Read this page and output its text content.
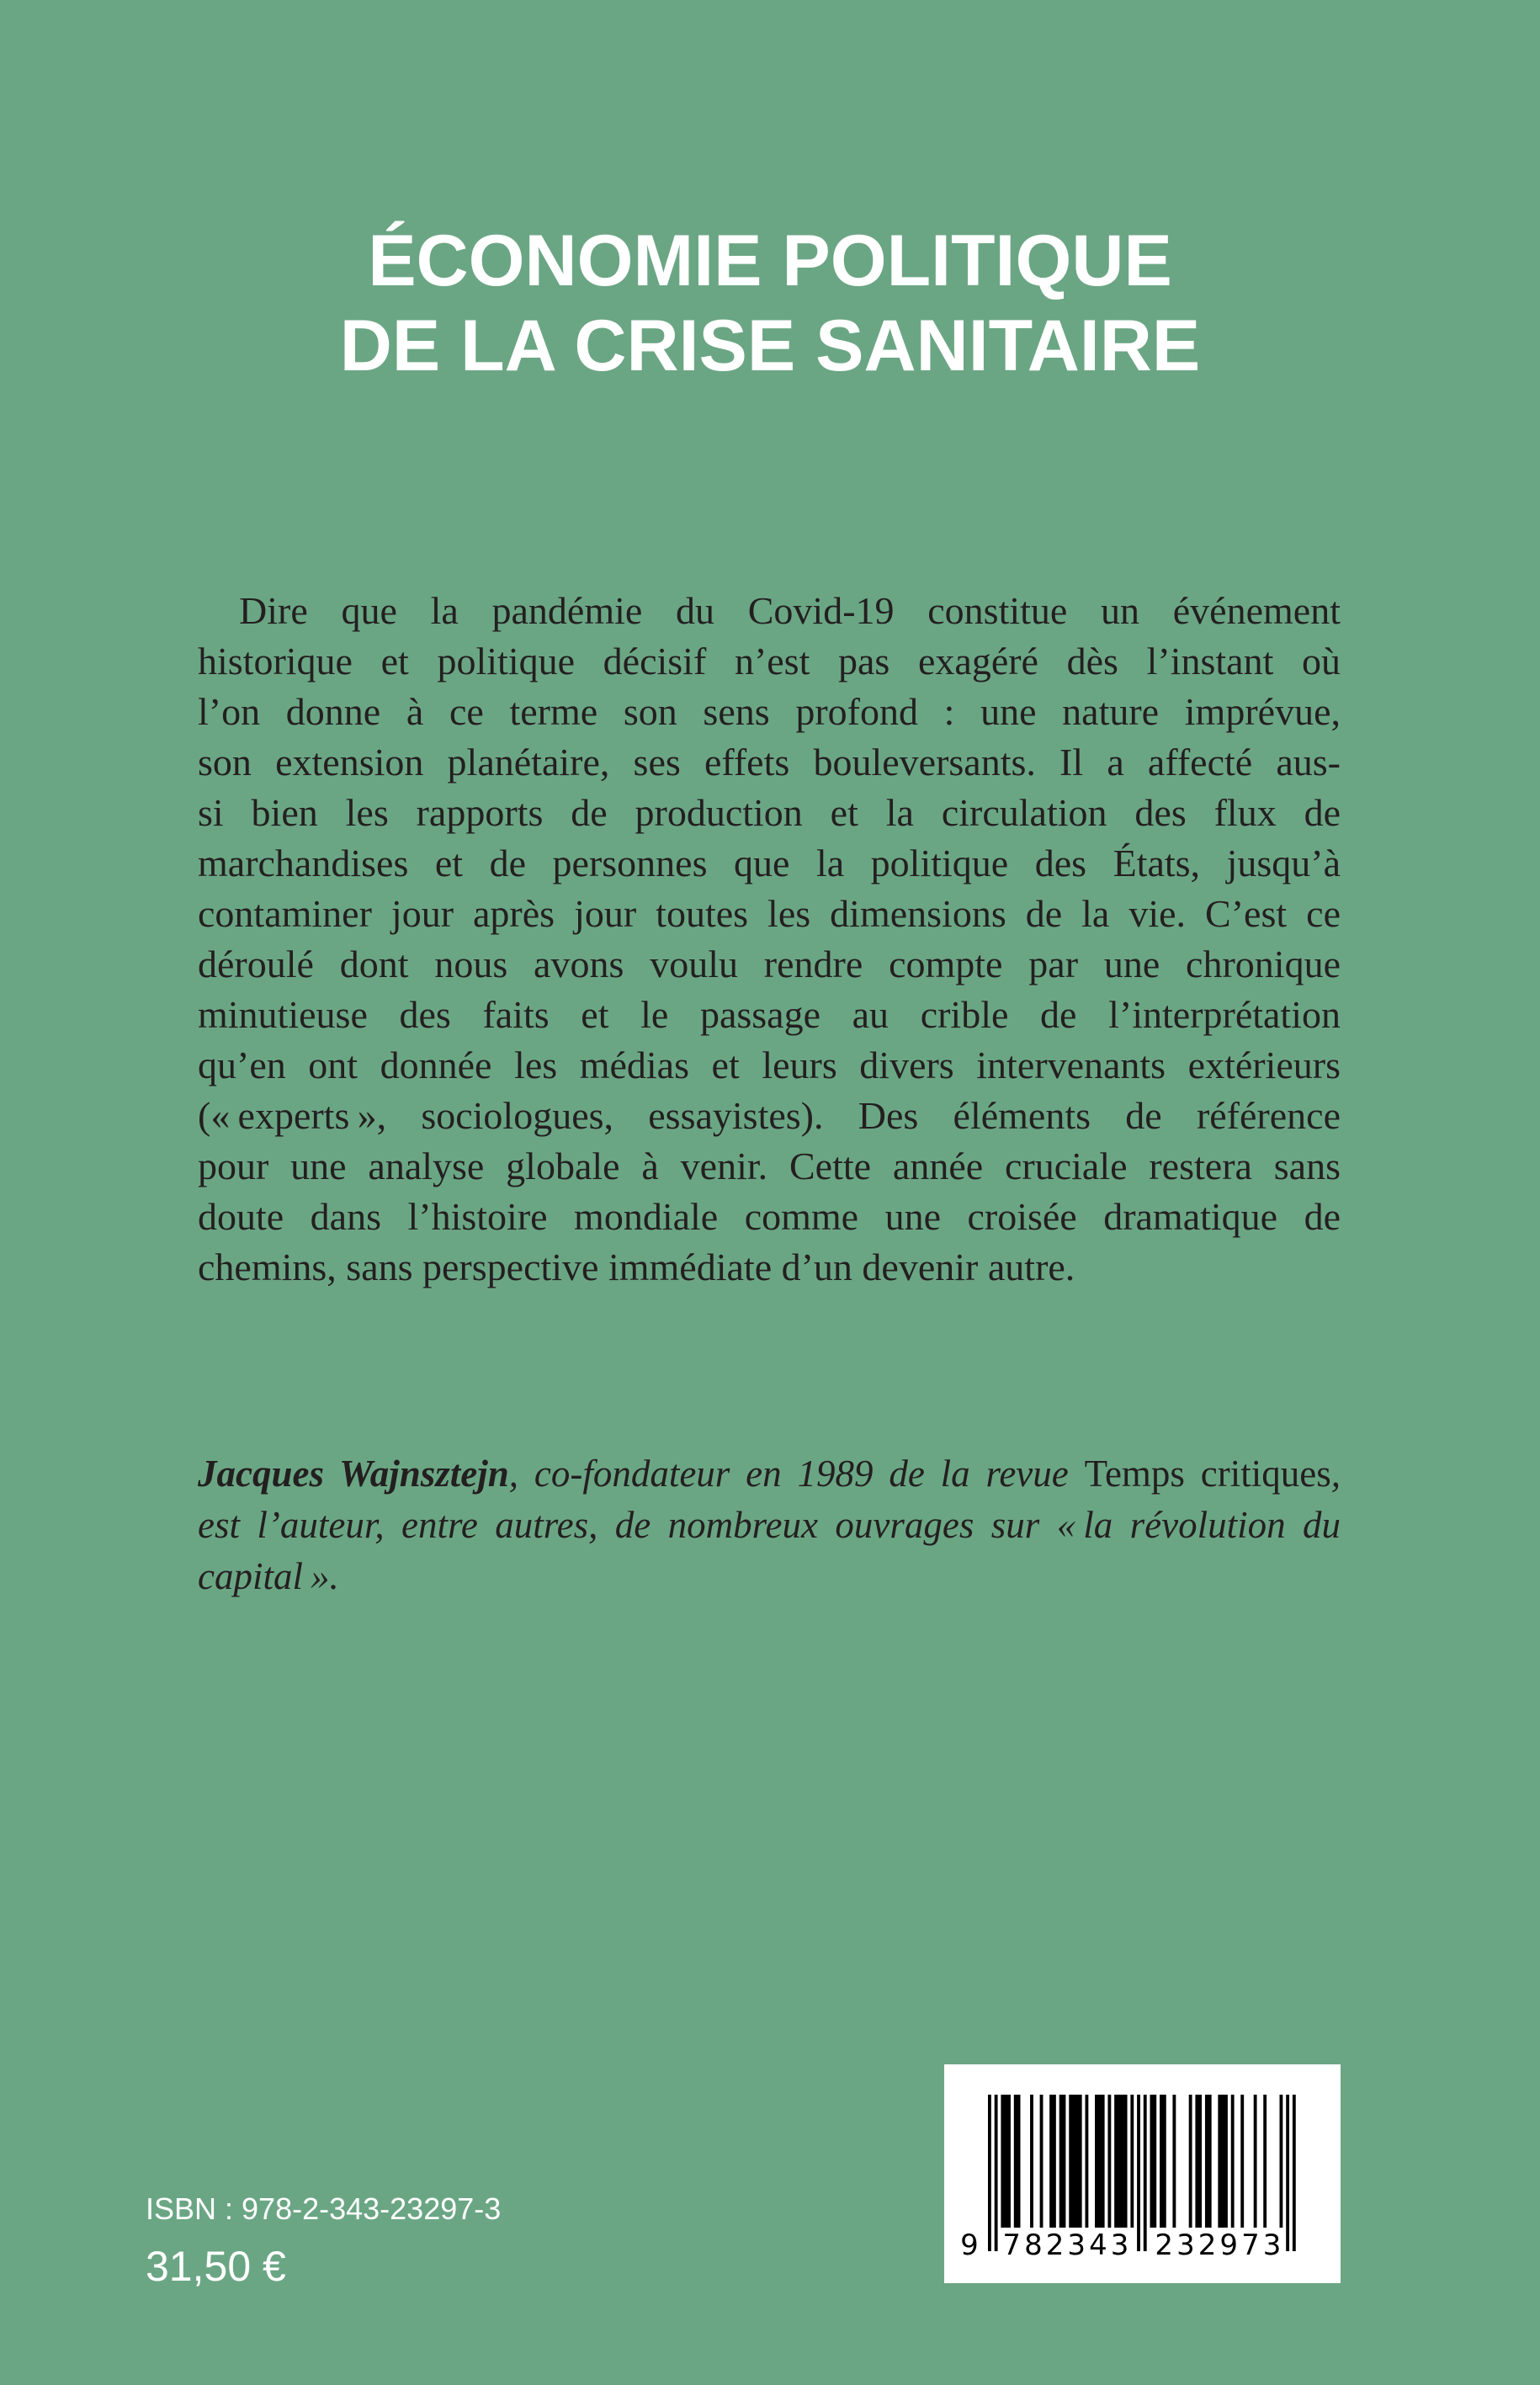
ÉCONOMIE POLITIQUE
DE LA CRISE SANITAIRE
Dire que la pandémie du Covid-19 constitue un événement
historique et politique décisif n’est pas exagéré dès l’instant où
l’on donne à ce terme son sens profond : une nature imprévue,
son extension planétaire, ses effets bouleversants. Il a affecté aus-
si bien les rapports de production et la circulation des flux de
marchandises et de personnes que la politique des États, jusqu’à
contaminer jour après jour toutes les dimensions de la vie. C’est ce
déroulé dont nous avons voulu rendre compte par une chronique
minutieuse des faits et le passage au crible de l’interprétation
qu’en ont donnée les médias et leurs divers intervenants extérieurs
(« experts », sociologues, essayistes). Des éléments de référence
pour une analyse globale à venir. Cette année cruciale restera sans
doute dans l’histoire mondiale comme une croisée dramatique de
chemins, sans perspective immédiate d’un devenir autre.
Jacques Wajnsztejn, co-fondateur en 1989 de la revue Temps critiques,
est l’auteur, entre autres, de nombreux ouvrages sur « la révolution du
capital ».
ISBN : 978-2-343-23297-3
31,50 €	9 782343 232973
